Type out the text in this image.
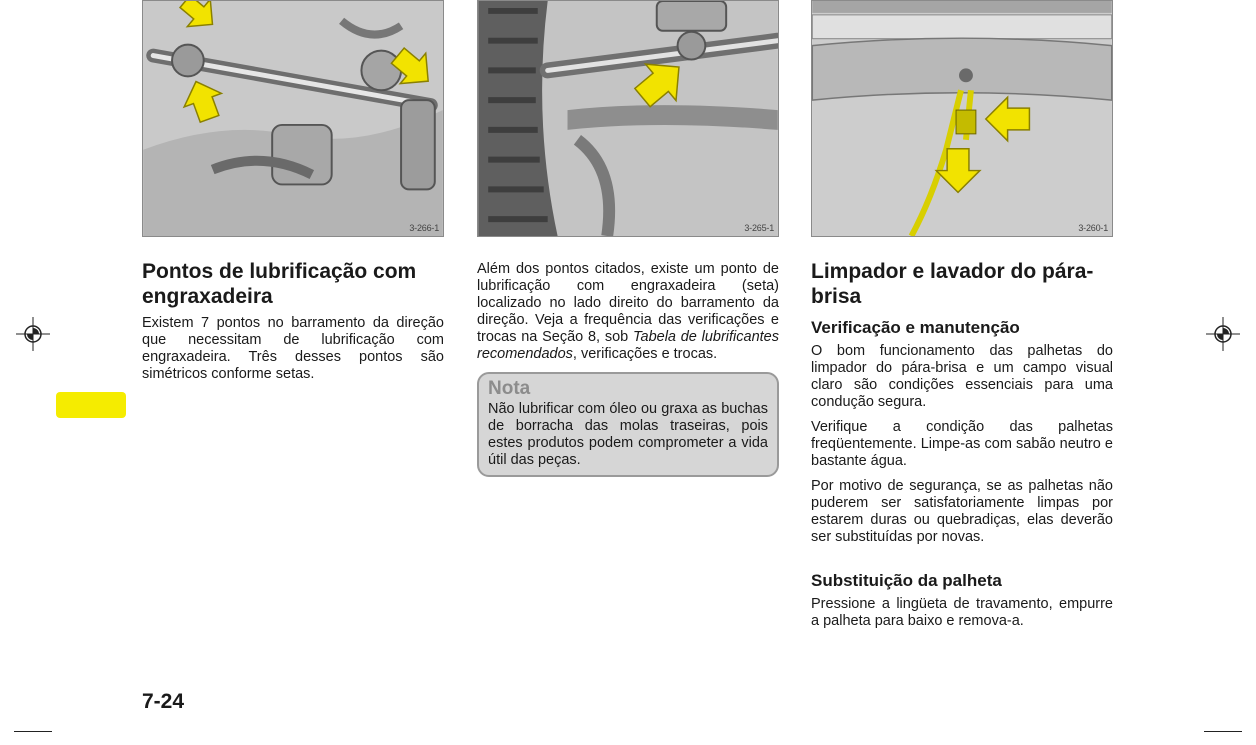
3-266-1
Pontos de lubrificação com engraxadeira

Existem 7 pontos no barramento da direção que necessitam de lubrificação com engraxadeira. Três desses pontos são simétricos conforme setas.

3-265-1

Além dos pontos citados, existe um ponto de lubrificação com engraxadeira (seta) localizado no lado direito do barramento da direção. Veja a frequência das verificações e trocas na Seção 8, sob Tabela de lubrificantes recomendados, verificações e trocas.

Nota

Não lubrificar com óleo ou graxa as buchas de borracha das molas traseiras, pois estes produtos podem comprometer a vida útil das peças.

3-260-1
Limpador e lavador do pára-brisa
Verificação e manutenção

O bom funcionamento das palhetas do limpador do pára-brisa e um campo visual claro são condições essenciais para uma condução segura.

Verifique a condição das palhetas freqüentemente. Limpe-as com sabão neutro e bastante água.

Por motivo de segurança, se as palhetas não puderem ser satisfatoriamente limpas por estarem duras ou quebradiças, elas deverão ser substituídas por novas.

Substituição da palheta

Pressione a lingüeta de travamento, empurre a palheta para baixo e remova-a.

7-24
